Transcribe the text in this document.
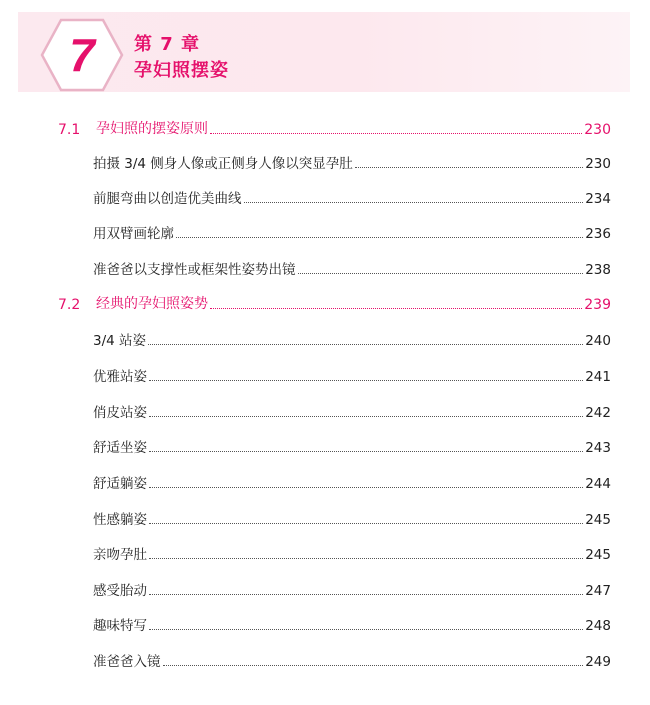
7	第 7 章
孕妇照摆姿
7.1	孕妇照的摆姿原则	230
拍摄 3/4 侧身人像或正侧身人像以突显孕肚	230
前腿弯曲以创造优美曲线	234
用双臂画轮廓	236
准爸爸以支撑性或框架性姿势出镜	238
7.2	经典的孕妇照姿势	239
3/4 站姿	240
优雅站姿	241
俏皮站姿	242
舒适坐姿	243
舒适躺姿	244
性感躺姿	245
亲吻孕肚	245
感受胎动	247
趣味特写	248
准爸爸入镜	249
